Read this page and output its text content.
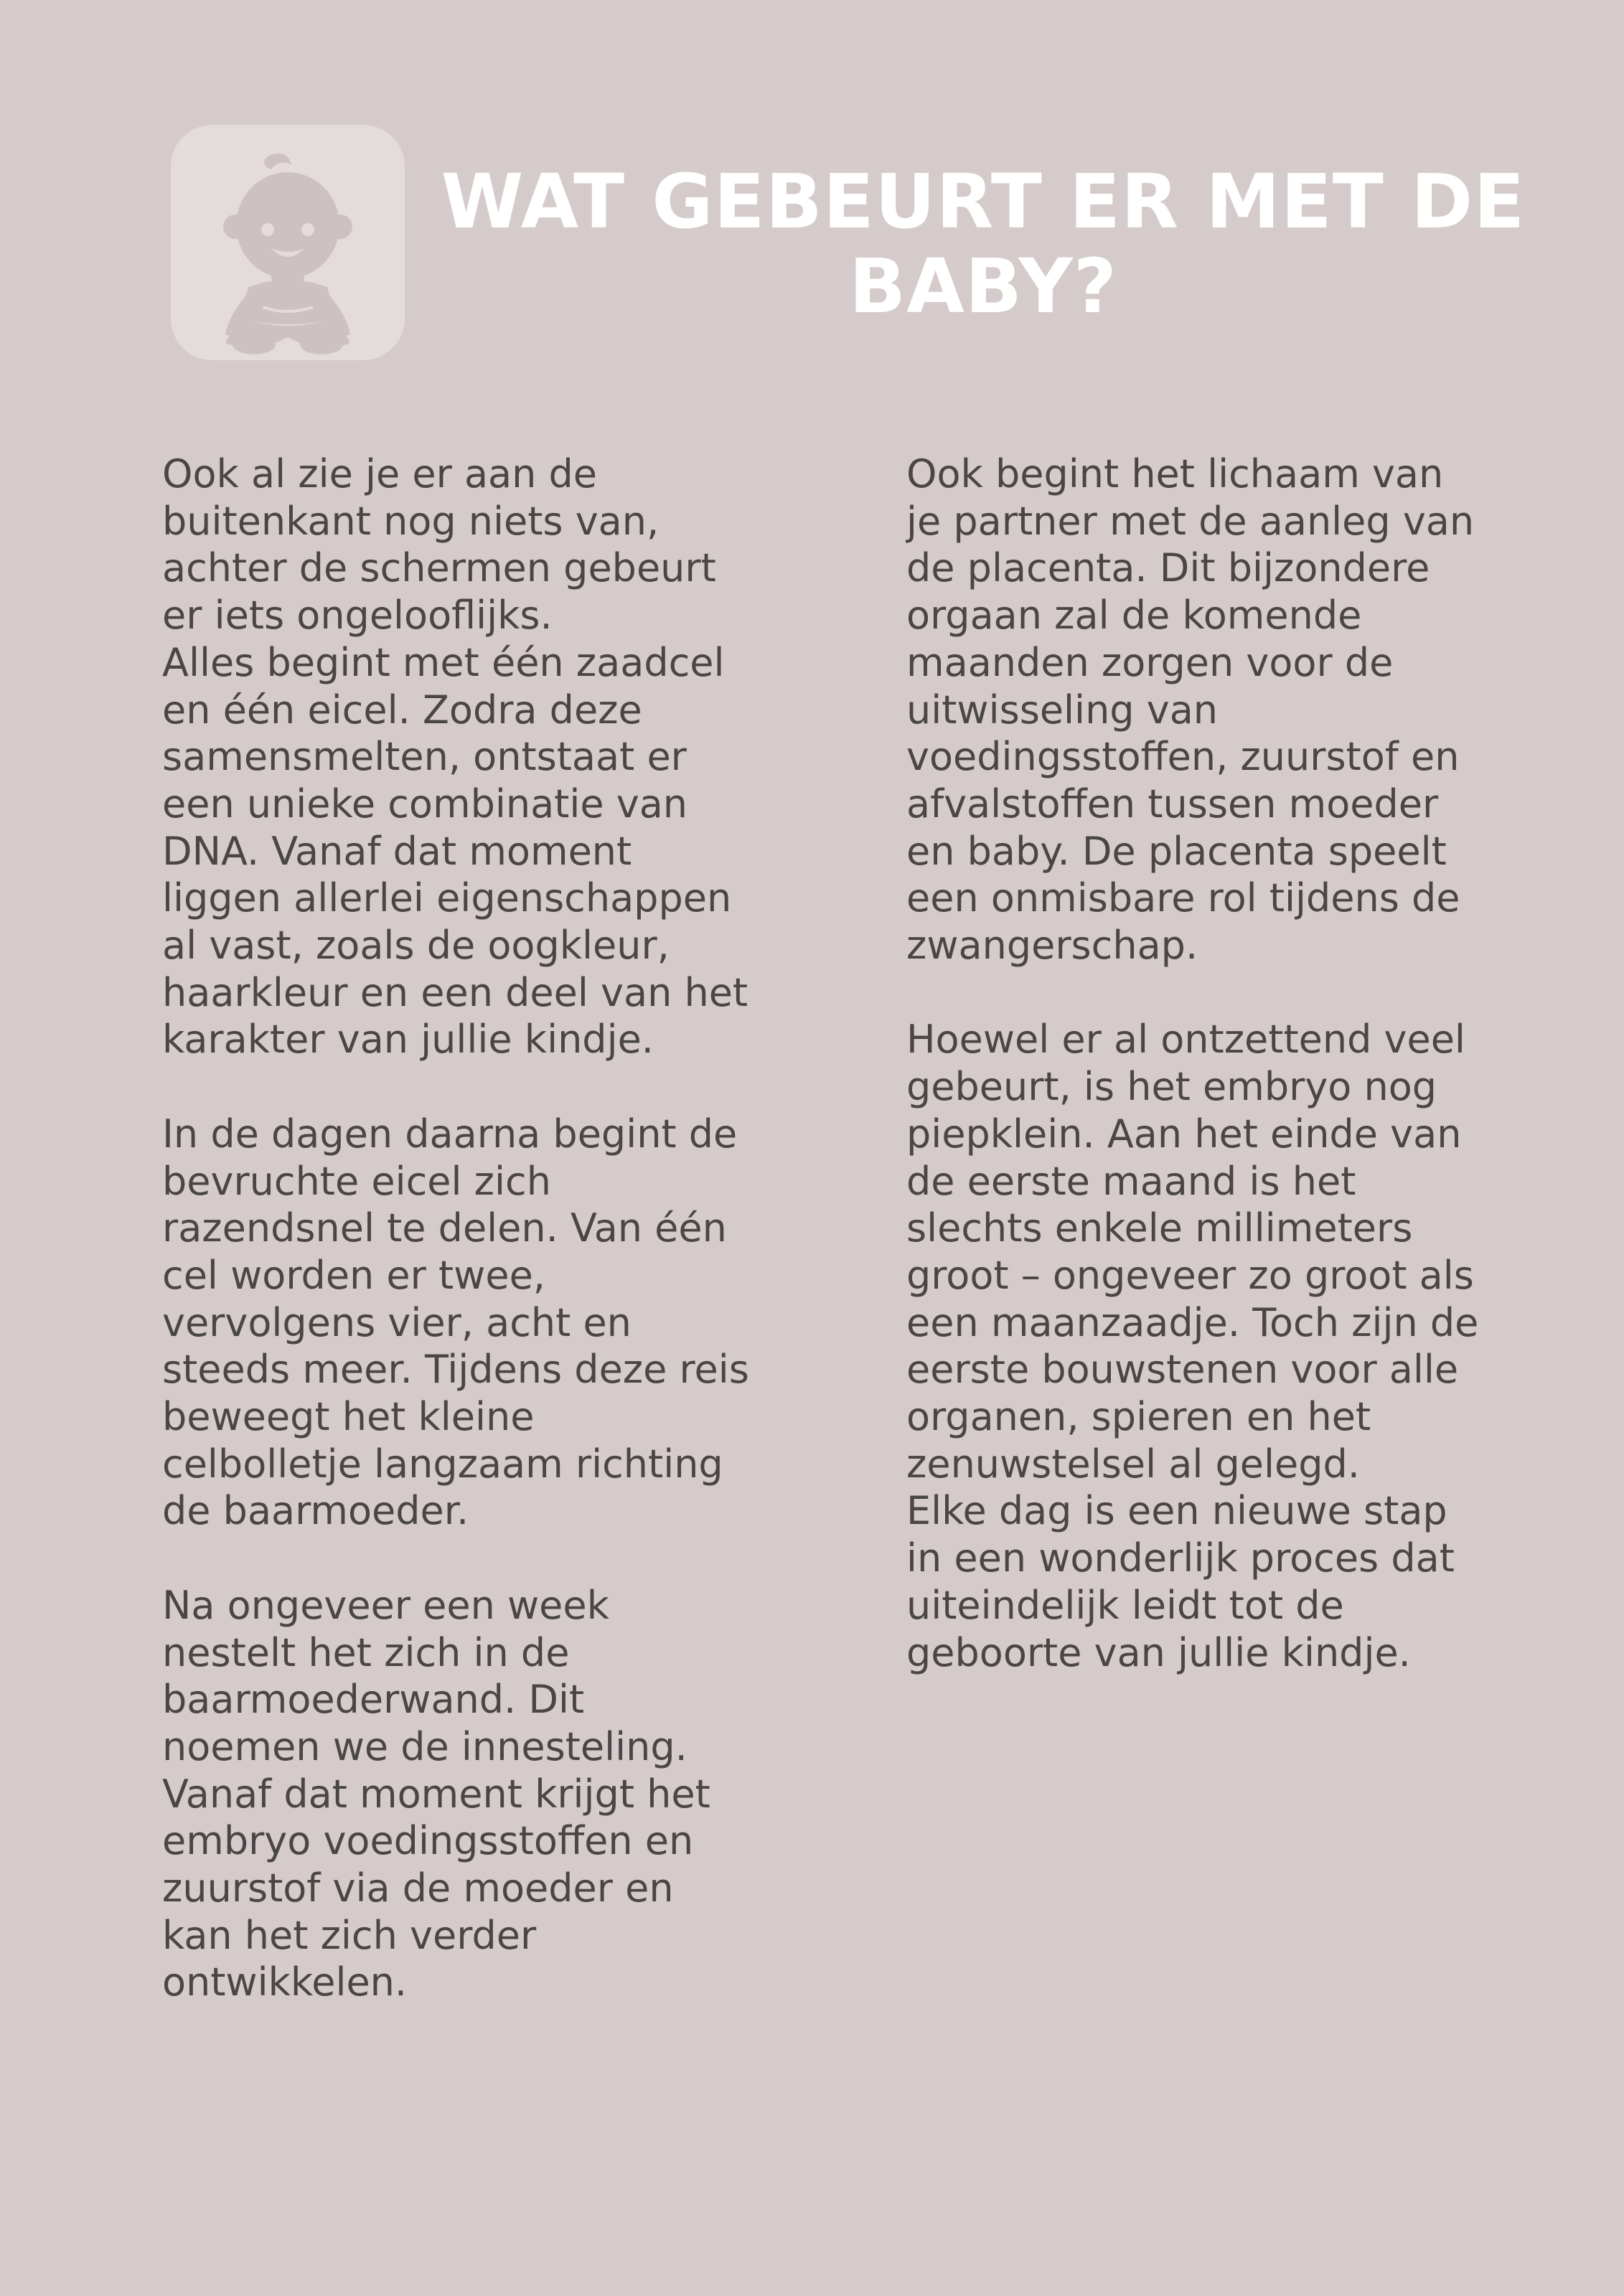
WAT GEBEURT ER MET DE BABY?

Ook al zie je er aan de
buitenkant nog niets van,
achter de schermen gebeurt
er iets ongelooflijks.
Alles begint met één zaadcel
en één eicel. Zodra deze
samensmelten, ontstaat er
een unieke combinatie van
DNA. Vanaf dat moment
liggen allerlei eigenschappen
al vast, zoals de oogkleur,
haarkleur en een deel van het
karakter van jullie kindje.

In de dagen daarna begint de
bevruchte eicel zich
razendsnel te delen. Van één
cel worden er twee,
vervolgens vier, acht en
steeds meer. Tijdens deze reis
beweegt het kleine
celbolletje langzaam richting
de baarmoeder.

Na ongeveer een week
nestelt het zich in de
baarmoederwand. Dit
noemen we de innesteling.
Vanaf dat moment krijgt het
embryo voedingsstoffen en
zuurstof via de moeder en
kan het zich verder
ontwikkelen.

Ook begint het lichaam van
je partner met de aanleg van
de placenta. Dit bijzondere
orgaan zal de komende
maanden zorgen voor de
uitwisseling van
voedingsstoffen, zuurstof en
afvalstoffen tussen moeder
en baby. De placenta speelt
een onmisbare rol tijdens de
zwangerschap.

Hoewel er al ontzettend veel
gebeurt, is het embryo nog
piepklein. Aan het einde van
de eerste maand is het
slechts enkele millimeters
groot – ongeveer zo groot als
een maanzaadje. Toch zijn de
eerste bouwstenen voor alle
organen, spieren en het
zenuwstelsel al gelegd.
Elke dag is een nieuwe stap
in een wonderlijk proces dat
uiteindelijk leidt tot de
geboorte van jullie kindje.
